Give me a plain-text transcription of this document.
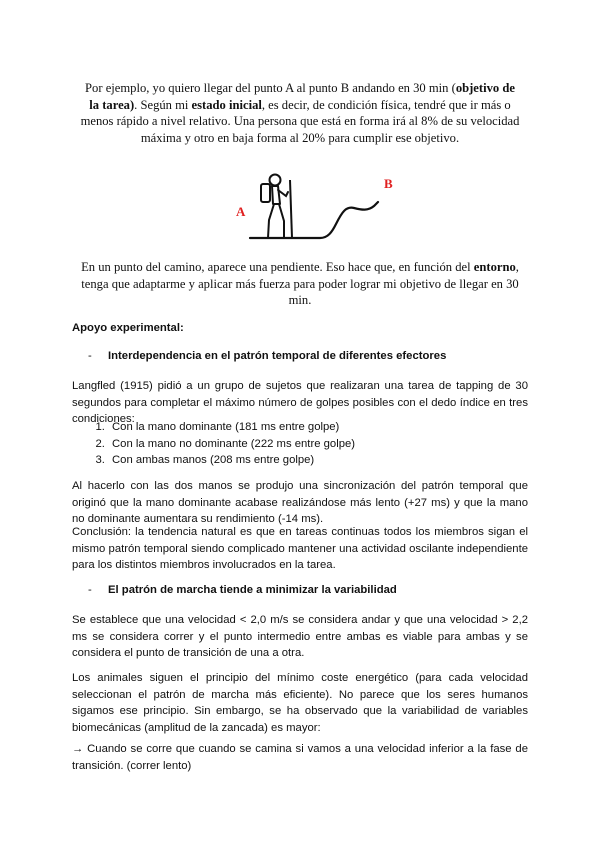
Por ejemplo, yo quiero llegar del punto A al punto B andando en 30 min (objetivo de la tarea). Según mi estado inicial, es decir, de condición física, tendré que ir más o menos rápido a nivel relativo. Una persona que está en forma irá al 8% de su velocidad máxima y otro en baja forma al 20% para cumplir ese objetivo.
A
B
En un punto del camino, aparece una pendiente. Eso hace que, en función del entorno, tenga que adaptarme y aplicar más fuerza para poder lograr mi objetivo de llegar en 30 min.
Apoyo experimental:
- Interdependencia en el patrón temporal de diferentes efectores
Langfled (1915) pidió a un grupo de sujetos que realizaran una tarea de tapping de 30 segundos para completar el máximo número de golpes posibles con el dedo índice en tres condiciones:
1. Con la mano dominante (181 ms entre golpe)
2. Con la mano no dominante (222 ms entre golpe)
3. Con ambas manos (208 ms entre golpe)
Al hacerlo con las dos manos se produjo una sincronización del patrón temporal que originó que la mano dominante acabase realizándose más lento (+27 ms) y que la mano no dominante aumentara su rendimiento (-14 ms).
Conclusión: la tendencia natural es que en tareas continuas todos los miembros sigan el mismo patrón temporal siendo complicado mantener una actividad oscilante independiente para los distintos miembros involucrados en la tarea.
- El patrón de marcha tiende a minimizar la variabilidad
Se establece que una velocidad < 2,0 m/s se considera andar y que una velocidad > 2,2 ms se considera correr y el punto intermedio entre ambas es viable para ambas y se considera el punto de transición de una a otra.
Los animales siguen el principio del mínimo coste energético (para cada velocidad seleccionan el patrón de marcha más eficiente). No parece que los seres humanos sigamos ese principio. Sin embargo, se ha observado que la variabilidad de variables biomecánicas (amplitud de la zancada) es mayor:
→ Cuando se corre que cuando se camina si vamos a una velocidad inferior a la fase de transición. (correr lento)
